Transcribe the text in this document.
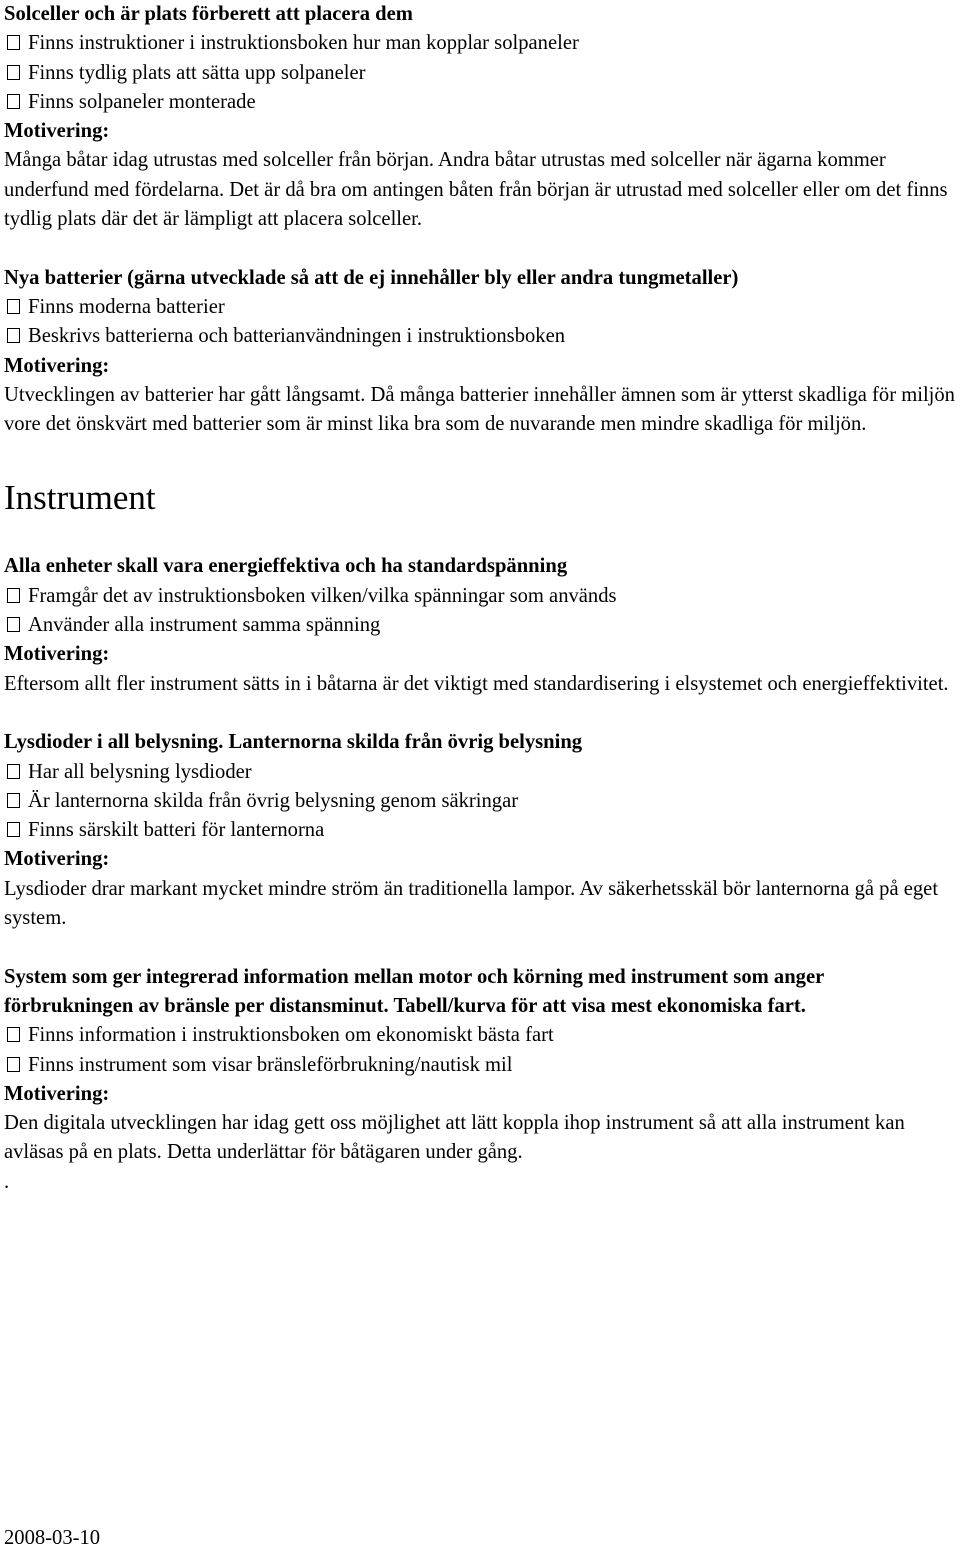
Solceller och är plats förberett att placera dem

Finns instruktioner i instruktionsboken hur man kopplar solpaneler
Finns tydlig plats att sätta upp solpaneler
Finns solpaneler monterade

Motivering:

Många båtar idag utrustas med solceller från början. Andra båtar utrustas med solceller när ägarna kommer underfund med fördelarna. Det är då bra om antingen båten från början är utrustad med solceller eller om det finns tydlig plats där det är lämpligt att placera solceller.

Nya batterier (gärna utvecklade så att de ej innehåller bly eller andra tungmetaller)

Finns moderna batterier
Beskrivs batterierna och batterianvändningen i instruktionsboken

Motivering:

Utvecklingen av batterier har gått långsamt. Då många batterier innehåller ämnen som är ytterst skadliga för miljön vore det önskvärt med batterier som är minst lika bra som de nuvarande men mindre skadliga för miljön.

Instrument

Alla enheter skall vara energieffektiva och ha standardspänning

Framgår det av instruktionsboken vilken/vilka spänningar som används
Använder alla instrument samma spänning

Motivering:

Eftersom allt fler instrument sätts in i båtarna är det viktigt med standardisering i elsystemet och energieffektivitet.

Lysdioder i all belysning. Lanternorna skilda från övrig belysning

Har all belysning lysdioder
Är lanternorna skilda från övrig belysning genom säkringar
Finns särskilt batteri för lanternorna

Motivering:

Lysdioder drar markant mycket mindre ström än traditionella lampor. Av säkerhetsskäl bör lanternorna gå på eget system.

System som ger integrerad information mellan motor och körning med instrument som anger förbrukningen av bränsle per distansminut. Tabell/kurva för att visa mest ekonomiska fart.

Finns information i instruktionsboken om ekonomiskt bästa fart
Finns instrument som visar bränsleförbrukning/nautisk mil

Motivering:

Den digitala utvecklingen har idag gett oss möjlighet att lätt koppla ihop instrument så att alla instrument kan avläsas på en plats. Detta underlättar för båtägaren under gång.

.

2008-03-10
